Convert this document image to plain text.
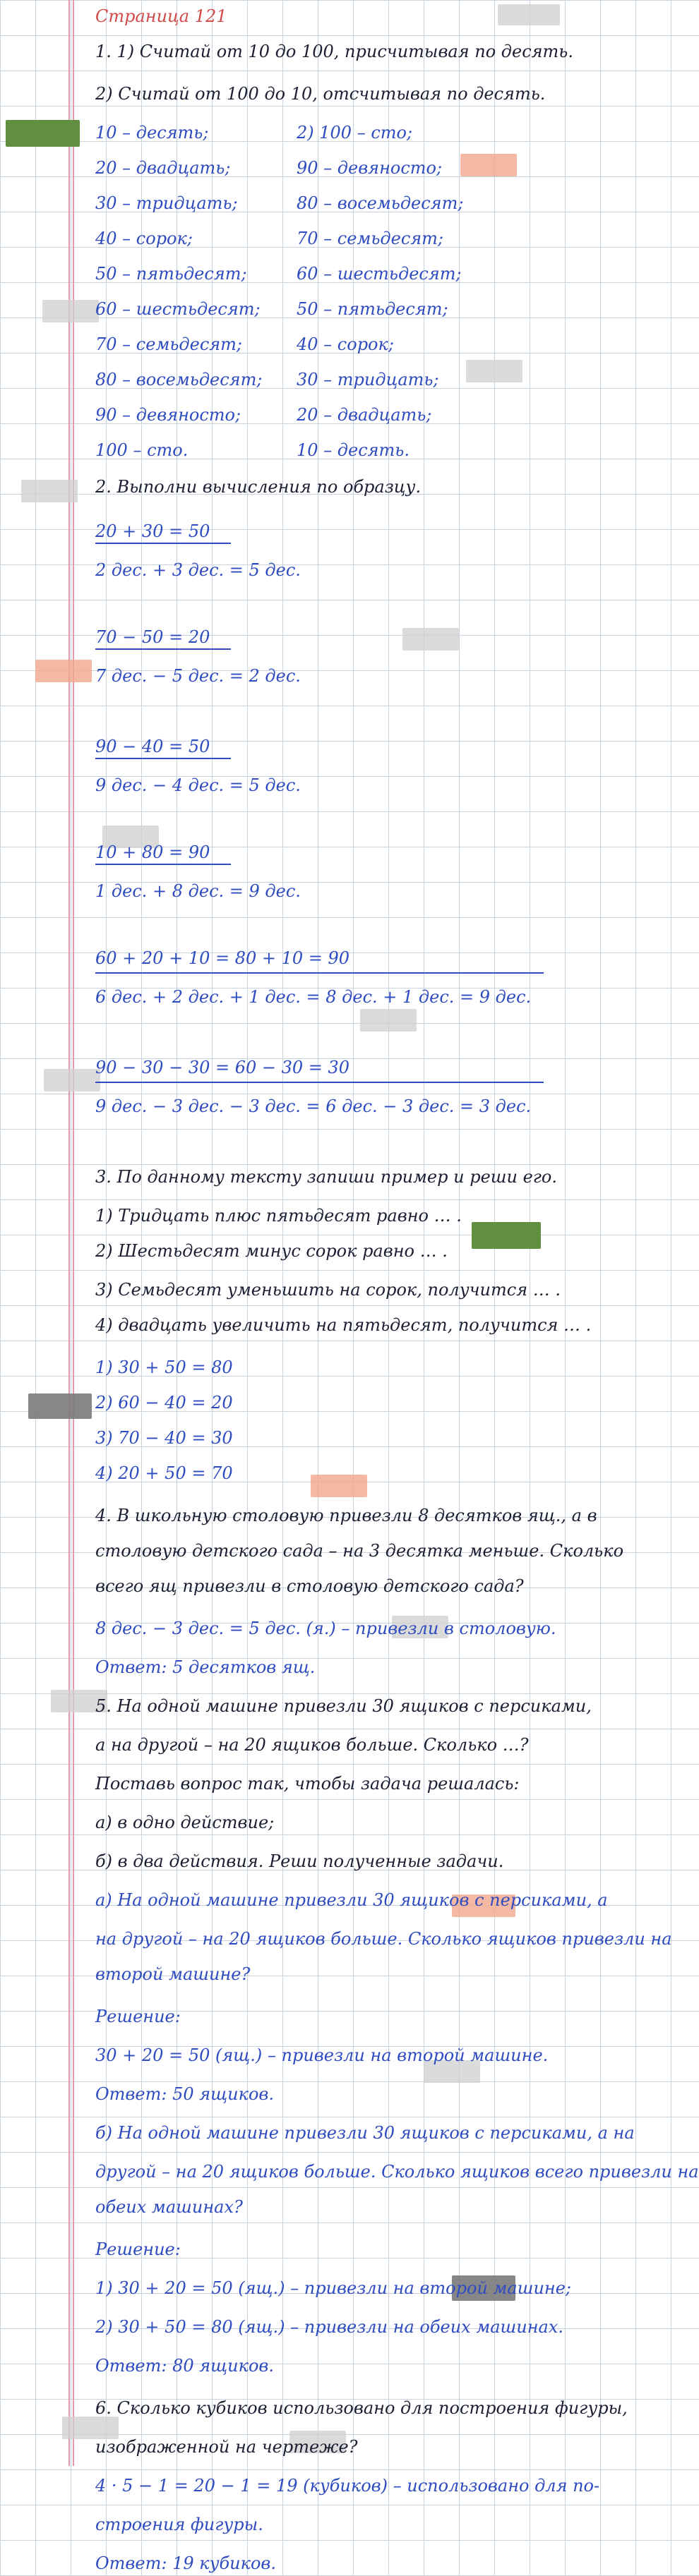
Страница 121
1. 1) Считай от 10 до 100, присчитывая по десять.
2) Считай от 100 до 10, отсчитывая по десять.
3. По данному тексту запиши пример и реши его.
1) Тридцать плюс пятьдесят равно … .
2) Шестьдесят минус сорок равно … .
3) Семьдесят уменьшить на сорок, получится … .
4) двадцать увеличить на пятьдесят, получится … .
1) 30 + 50 = 80
2) 60 − 40 = 20
3) 70 − 40 = 30
4) 20 + 50 = 70
4. В школьную столовую привезли 8 десятков ящ., а в
столовую детского сада – на 3 десятка меньше. Сколько
всего ящ привезли в столовую детского сада?
8 дес. − 3 дес. = 5 дес. (я.) – привезли в столовую.
Ответ: 5 десятков ящ.
5. На одной машине привезли 30 ящиков с персиками,
а на другой – на 20 ящиков больше. Сколько …?
Поставь вопрос так, чтобы задача решалась:
а) в одно действие;
б) в два действия. Реши полученные задачи.
а) На одной машине привезли 30 ящиков с персиками, а
на другой – на 20 ящиков больше. Сколько ящиков привезли на
второй машине?
Решение:
30 + 20 = 50 (ящ.) – привезли на второй машине.
Ответ: 50 ящиков.
б) На одной машине привезли 30 ящиков с персиками, а на
другой – на 20 ящиков больше. Сколько ящиков всего привезли на
обеих машинах?
Решение:
1) 30 + 20 = 50 (ящ.) – привезли на второй машине;
2) 30 + 50 = 80 (ящ.) – привезли на обеих машинах.
Ответ: 80 ящиков.
6. Сколько кубиков использовано для построения фигуры,
изображенной на чертеже?
4 · 5 − 1 = 20 − 1 = 19 (кубиков) – использовано для по-
строения фигуры.
Ответ: 19 кубиков.
10 – десять;
20 – двадцать;
30 – тридцать;
40 – сорок;
50 – пятьдесят;
60 – шестьдесят;
70 – семьдесят;
80 – восемьдесят;
90 – девяносто;
100 – сто.
2) 100 – сто;
90 – девяносто;
80 – восемьдесят;
70 – семьдесят;
60 – шестьдесят;
50 – пятьдесят;
40 – сорок;
30 – тридцать;
20 – двадцать;
10 – десять.
2. Выполни вычисления по образцу.
20 + 30 = 50
2 дес. + 3 дес. = 5 дес.
70 − 50 = 20
7 дес. − 5 дес. = 2 дес.
90 − 40 = 50
9 дес. − 4 дес. = 5 дес.
10 + 80 = 90
1 дес. + 8 дес. = 9 дес.
60 + 20 + 10 = 80 + 10 = 90
6 дес. + 2 дес. + 1 дес. = 8 дес. + 1 дес. = 9 дес.
90 − 30 − 30 = 60 − 30 = 30
9 дес. − 3 дес. − 3 дес. = 6 дес. − 3 дес. = 3 дес.
